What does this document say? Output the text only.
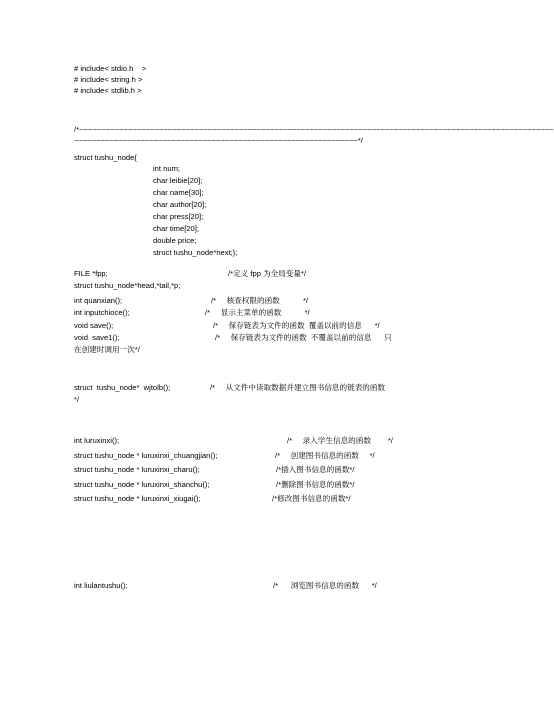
# include< stdio.h    >
# include< string.h >
# include< stdlib.h >
/*~~~~~~~~~~~~~~~~~~~~~~~~~~~~~~~~~~~~~~~~~~~~~~~~~~~~~~~~~~~~~~~~~~~~~~~~~~~~~~~~~~~~~~~~~~~~~~~~~~~~~~~~~~~
~~~~~~~~~~~~~~~~~~~~~~~~~~~~~~~~~~~~~~~~~~~~~~~~~~~~~~~~~~~~~~~~*/
struct tushu_node{
int num;
char leibie[20];
char name[30];
char author[20];
char press[20];
char time[20];
double price;
struct tushu_node*next;};
FILE *fpp;	/*定义 fpp 为全局变量*/
struct tushu_node*head,*tail,*p;
int quanxian();	/*     核查权限的函数           */
int inputchioce();	/*     显示主菜单的函数           */
void save();	/*     保存链表为文件的函数  覆盖以前的信息      */
void  save1();	/*     保存链表为文件的函数  不覆盖以前的信息      只
在创建时调用一次*/
struct  tushu_node*  wjtolb();	/*     从文件中读取数据并建立图书信息的链表的函数
*/
int luruxinxi();	/*     录入学生信息的函数        */
struct tushu_node * luruxinxi_chuangjian();	/*     创建图书信息的函数     */
struct tushu_node * luruxinxi_charu();	/*插入图书信息的函数*/
struct tushu_node * luruxinxi_shanchu();	/*删除图书信息的函数*/
struct tushu_node * luruxinxi_xiugai();	/*修改图书信息的函数*/
int liulantushu();	/*      浏览图书信息的函数      */
